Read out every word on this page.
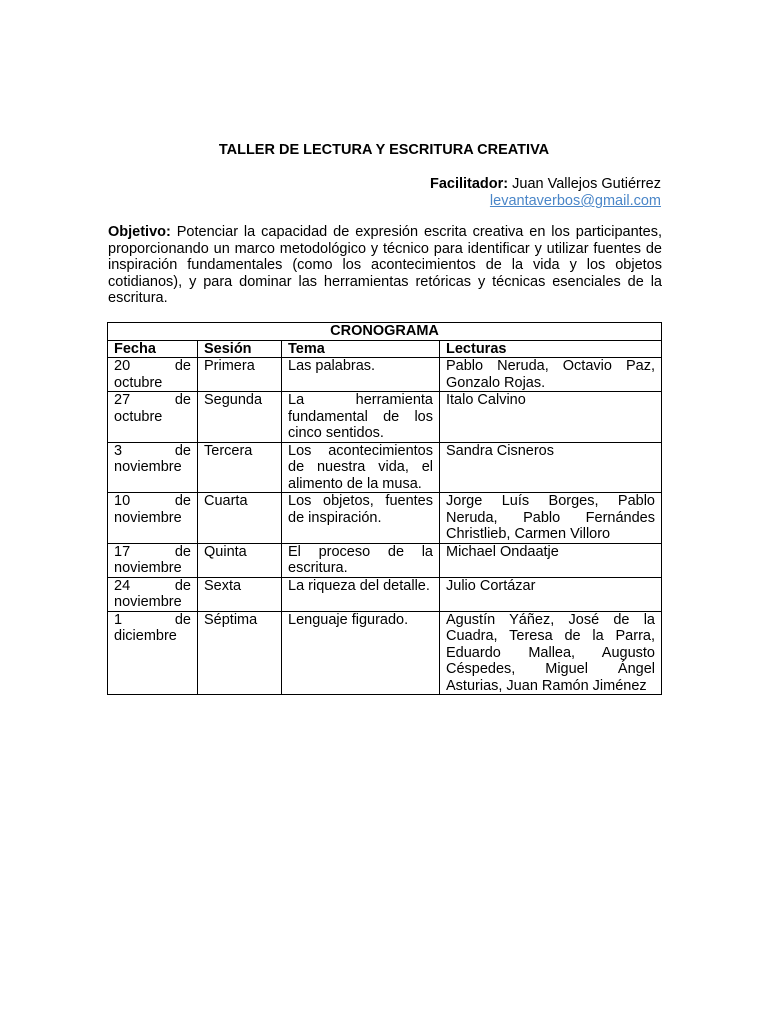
TALLER DE LECTURA Y ESCRITURA CREATIVA
Facilitador: Juan Vallejos Gutiérrez
levantaverbos@gmail.com
Objetivo: Potenciar la capacidad de expresión escrita creativa en los participantes, proporcionando un marco metodológico y técnico para identificar y utilizar fuentes de inspiración fundamentales (como los acontecimientos de la vida y los objetos cotidianos), y para dominar las herramientas retóricas y técnicas esenciales de la escritura.
CRONOGRAMA			
Fecha	Sesión	Tema	Lecturas
20 de octubre	Primera	Las palabras.	Pablo Neruda, Octavio Paz, Gonzalo Rojas.
27 de octubre	Segunda	La herramienta fundamental de los cinco sentidos.	Italo Calvino
3 de noviembre	Tercera	Los acontecimientos de nuestra vida, el alimento de la musa.	Sandra Cisneros
10 de noviembre	Cuarta	Los objetos, fuentes de inspiración.	Jorge Luís Borges, Pablo Neruda, Pablo Fernándes Christlieb, Carmen Villoro
17 de noviembre	Quinta	El proceso de la escritura.	Michael Ondaatje
24 de noviembre	Sexta	La riqueza del detalle.	Julio Cortázar
1 de diciembre	Séptima	Lenguaje figurado.	Agustín Yáñez, José de la Cuadra, Teresa de la Parra, Eduardo Mallea, Augusto Céspedes, Miguel Ángel Asturias, Juan Ramón Jiménez
